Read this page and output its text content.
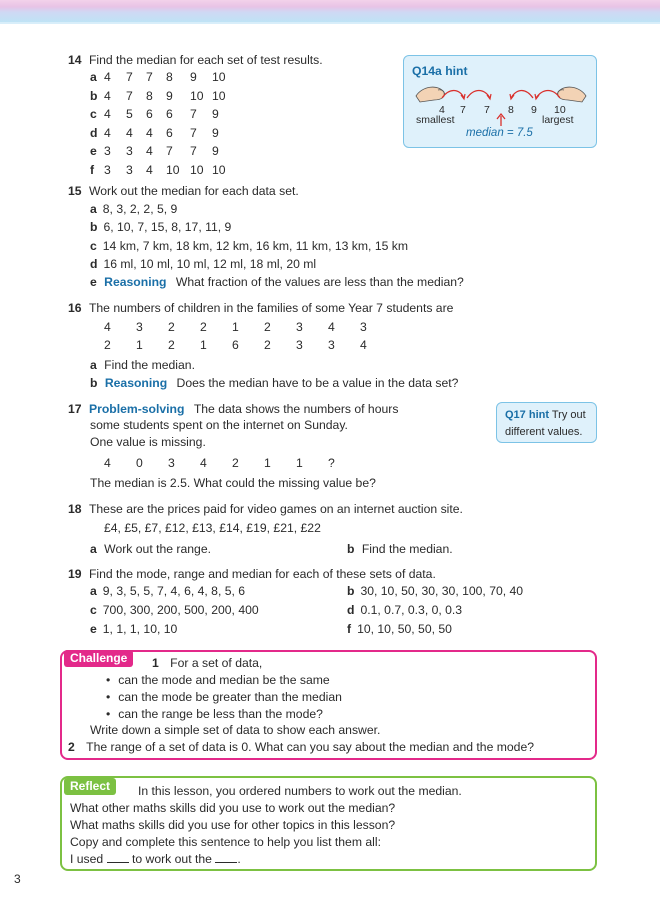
14 Find the median for each set of test results.
a 4 7 7 8 9 10
b 4 7 8 9 10 10
c 4 5 6 6 7 9
d 4 4 4 6 7 9
e 3 3 4 7 7 9
f 3 3 4 10 10 10
Q14a hint
4 7 7 8 9 10
smallest	largest
median = 7.5
15 Work out the median for each data set.
a 8, 3, 2, 2, 5, 9
b 6, 10, 7, 15, 8, 17, 11, 9
c 14 km, 7 km, 18 km, 12 km, 16 km, 11 km, 13 km, 15 km
d 16 ml, 10 ml, 10 ml, 12 ml, 18 ml, 20 ml
e Reasoning What fraction of the values are less than the median?
16 The numbers of children in the families of some Year 7 students are
4 3 2 2 1 2 3 4 3
2 1 2 1 6 2 3 3 4
a Find the median.
b Reasoning Does the median have to be a value in the data set?
17 Problem-solving The data shows the numbers of hours
some students spent on the internet on Sunday.
One value is missing.
4 0 3 4 2 1 1 ?
The median is 2.5. What could the missing value be?
Q17 hint Try out
different values.
18 These are the prices paid for video games on an internet auction site.
£4, £5, £7, £12, £13, £14, £19, £21, £22
a Work out the range.	b Find the median.
19 Find the mode, range and median for each of these sets of data.
a 9, 3, 5, 5, 7, 4, 6, 4, 8, 5, 6	b 30, 10, 50, 30, 30, 100, 70, 40
c 700, 300, 200, 500, 200, 400	d 0.1, 0.7, 0.3, 0, 0.3
e 1, 1, 1, 10, 10	f 10, 10, 50, 50, 50
Challenge	1 For a set of data,
• can the mode and median be the same
• can the mode be greater than the median
• can the range be less than the mode?
Write down a simple set of data to show each answer.
2 The range of a set of data is 0. What can you say about the median and the mode?
Reflect	In this lesson, you ordered numbers to work out the median.
What other maths skills did you use to work out the median?
What maths skills did you use for other topics in this lesson?
Copy and complete this sentence to help you list them all:
I used to work out the .
3
